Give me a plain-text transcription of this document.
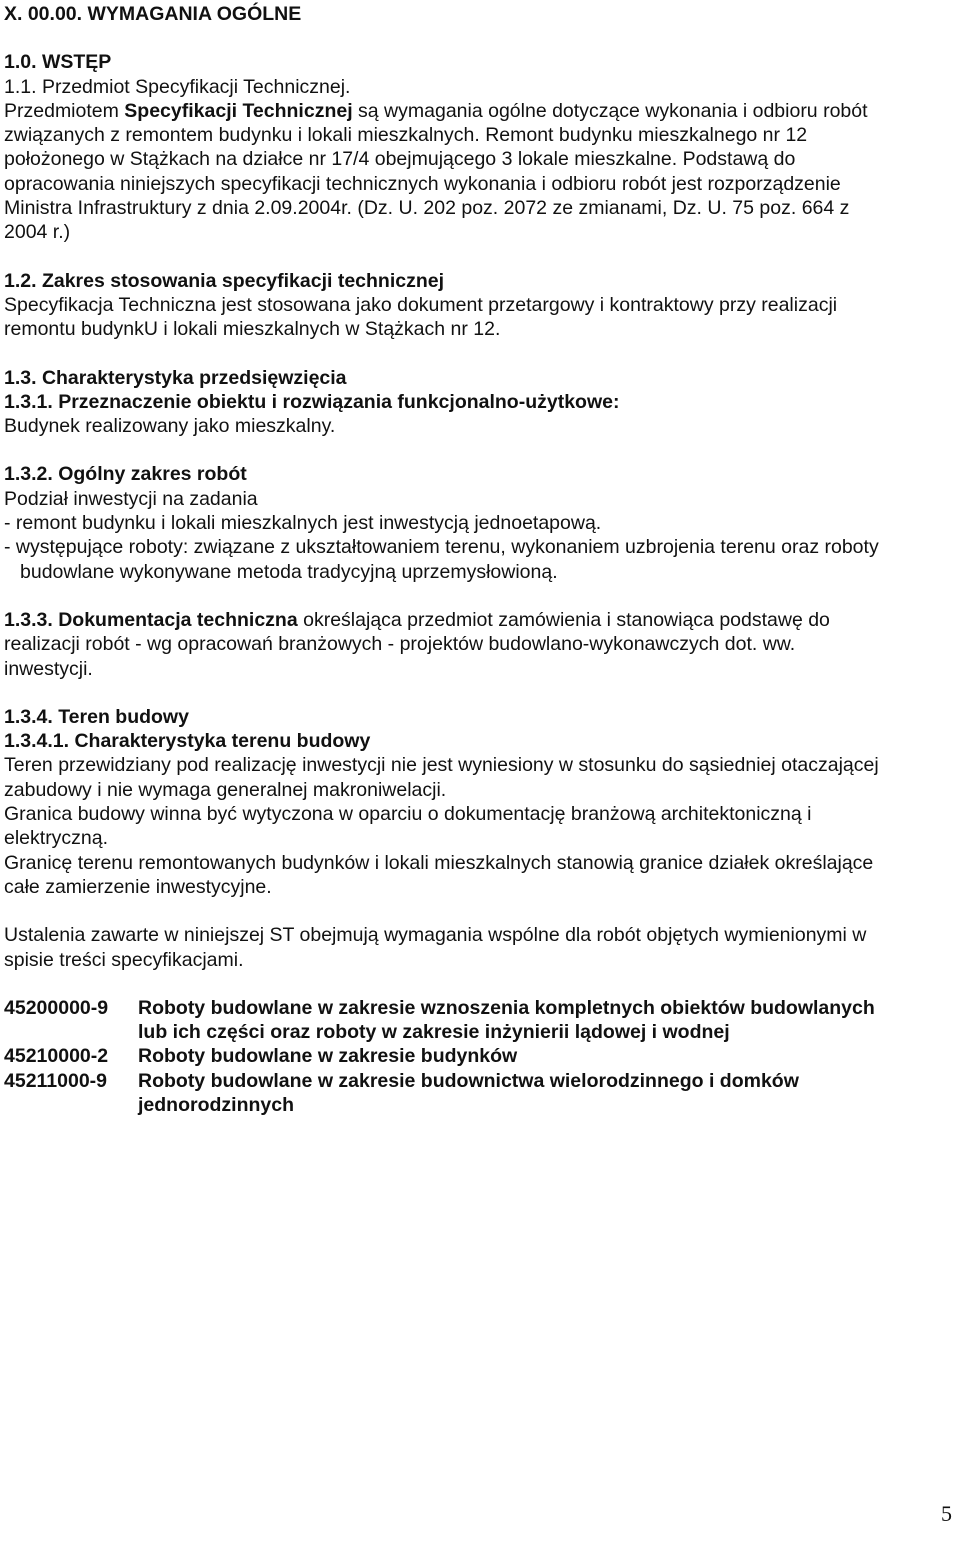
X. 00.00. WYMAGANIA OGÓLNE
1.0. WSTĘP
1.1. Przedmiot Specyfikacji Technicznej.
Przedmiotem Specyfikacji Technicznej są wymagania ogólne dotyczące wykonania i odbioru robót
związanych z remontem budynku i lokali mieszkalnych. Remont budynku mieszkalnego nr 12
położonego w Stążkach na działce nr 17/4 obejmującego 3 lokale mieszkalne. Podstawą do
opracowania niniejszych specyfikacji technicznych wykonania i odbioru robót jest rozporządzenie
Ministra Infrastruktury z dnia 2.09.2004r. (Dz. U. 202 poz. 2072 ze zmianami, Dz. U. 75 poz. 664 z
2004 r.)
1.2. Zakres stosowania specyfikacji technicznej
Specyfikacja Techniczna jest stosowana jako dokument przetargowy i kontraktowy przy realizacji
remontu budynkU i lokali mieszkalnych w Stążkach nr 12.
1.3. Charakterystyka przedsięwzięcia
1.3.1. Przeznaczenie obiektu i rozwiązania funkcjonalno-użytkowe:
Budynek realizowany jako mieszkalny.
1.3.2. Ogólny zakres robót
Podział inwestycji na zadania
- remont budynku i lokali mieszkalnych jest inwestycją jednoetapową.
- występujące roboty: związane z ukształtowaniem terenu, wykonaniem uzbrojenia terenu oraz roboty
budowlane wykonywane metoda tradycyjną uprzemysłowioną.
1.3.3. Dokumentacja techniczna określająca przedmiot zamówienia i stanowiąca podstawę do
realizacji robót - wg opracowań branżowych - projektów budowlano-wykonawczych dot. ww.
inwestycji.
1.3.4. Teren budowy
1.3.4.1. Charakterystyka terenu budowy
Teren przewidziany pod realizację inwestycji nie jest wyniesiony w stosunku do sąsiedniej otaczającej
zabudowy i nie wymaga generalnej makroniwelacji.
Granica budowy winna być wytyczona w oparciu o dokumentację branżową architektoniczną i
elektryczną.
Granicę terenu remontowanych budynków i lokali mieszkalnych stanowią granice działek określające
całe zamierzenie inwestycyjne.
Ustalenia zawarte w niniejszej ST obejmują wymagania wspólne dla robót objętych wymienionymi w
spisie treści specyfikacjami.
45200000-9	Roboty budowlane w zakresie wznoszenia kompletnych obiektów budowlanych
lub ich części oraz roboty w zakresie inżynierii lądowej i wodnej
45210000-2	Roboty budowlane w zakresie budynków
45211000-9	Roboty budowlane w zakresie budownictwa wielorodzinnego i domków
jednorodzinnych
5
